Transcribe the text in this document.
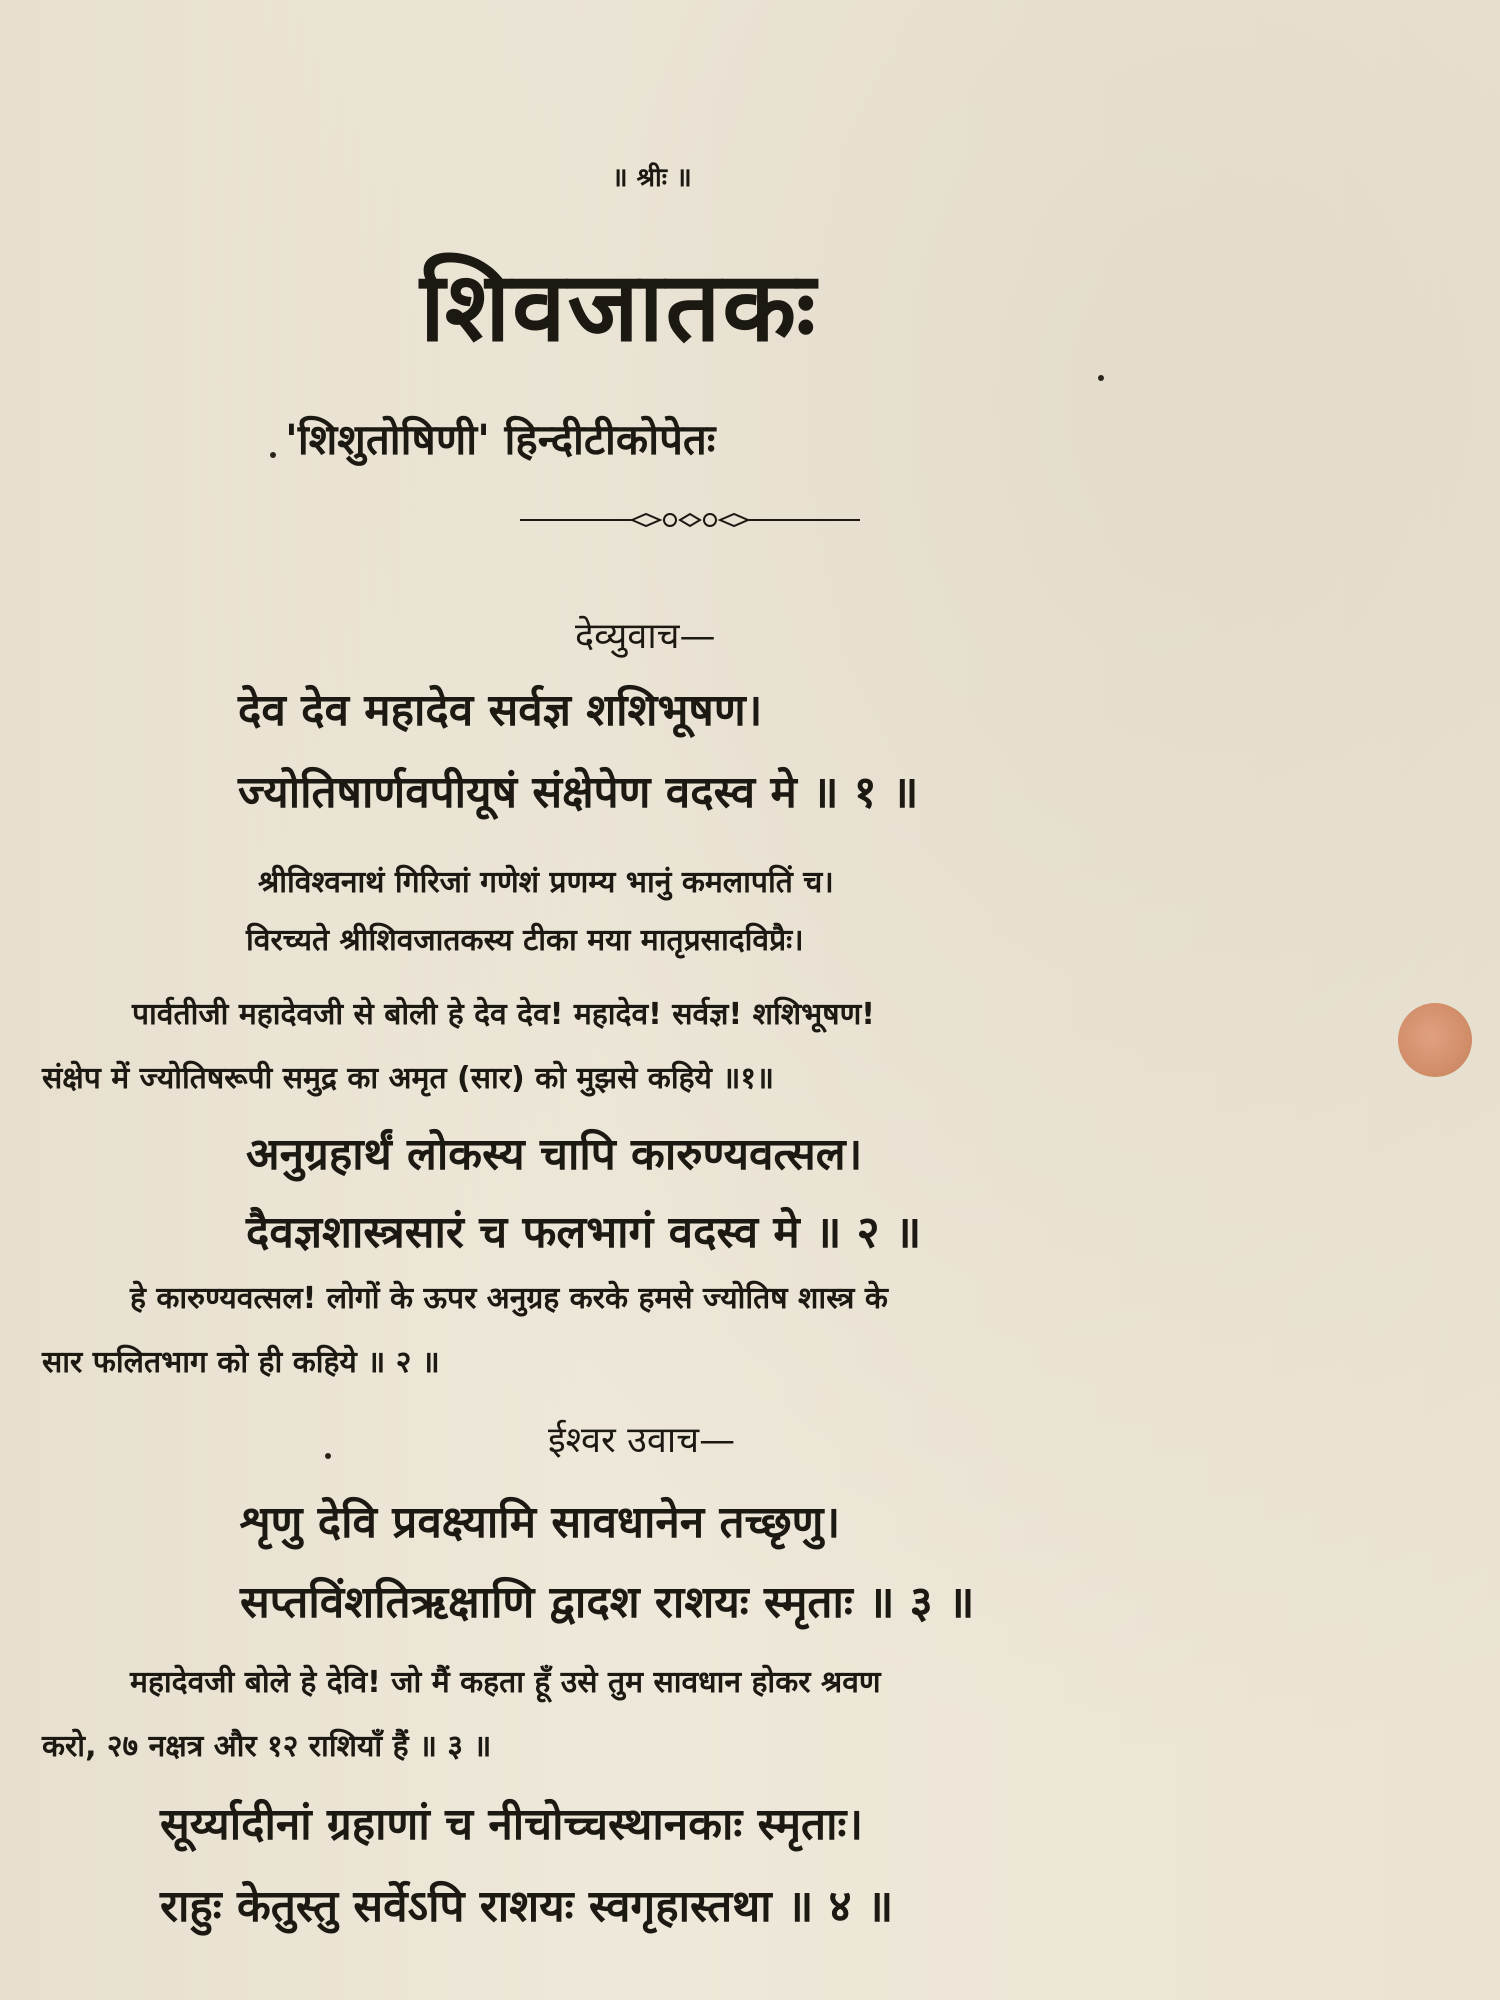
॥ श्रीः ॥
शिवजातकः
'शिशुतोषिणी' हिन्दीटीकोपेतः
देव्युवाच—
देव देव महादेव सर्वज्ञ शशिभूषण।
ज्योतिषार्णवपीयूषं संक्षेपेण वदस्व मे ॥ १ ॥
श्रीविश्वनाथं गिरिजां गणेशं प्रणम्य भानुं कमलापतिं च।
विरच्यते श्रीशिवजातकस्य टीका मया मातृप्रसादविप्रैः।
पार्वतीजी महादेवजी से बोली हे देव देव! महादेव! सर्वज्ञ! शशिभूषण!
संक्षेप में ज्योतिषरूपी समुद्र का अमृत (सार) को मुझसे कहिये ॥१॥
अनुग्रहार्थं लोकस्य चापि कारुण्यवत्सल।
दैवज्ञशास्त्रसारं च फलभागं वदस्व मे ॥ २ ॥
हे कारुण्यवत्सल! लोगों के ऊपर अनुग्रह करके हमसे ज्योतिष शास्त्र के
सार फलितभाग को ही कहिये ॥ २ ॥
ईश्वर उवाच—
शृणु देवि प्रवक्ष्यामि सावधानेन तच्छृणु।
सप्तविंशतिऋक्षाणि द्वादश राशयः स्मृताः ॥ ३ ॥
महादेवजी बोले हे देवि! जो मैं कहता हूँ उसे तुम सावधान होकर श्रवण
करो, २७ नक्षत्र और १२ राशियाँ हैं ॥ ३ ॥
सूर्य्यादीनां ग्रहाणां च नीचोच्चस्थानकाः स्मृताः।
राहुः केतुस्तु सर्वेऽपि राशयः स्वगृहास्तथा ॥ ४ ॥
